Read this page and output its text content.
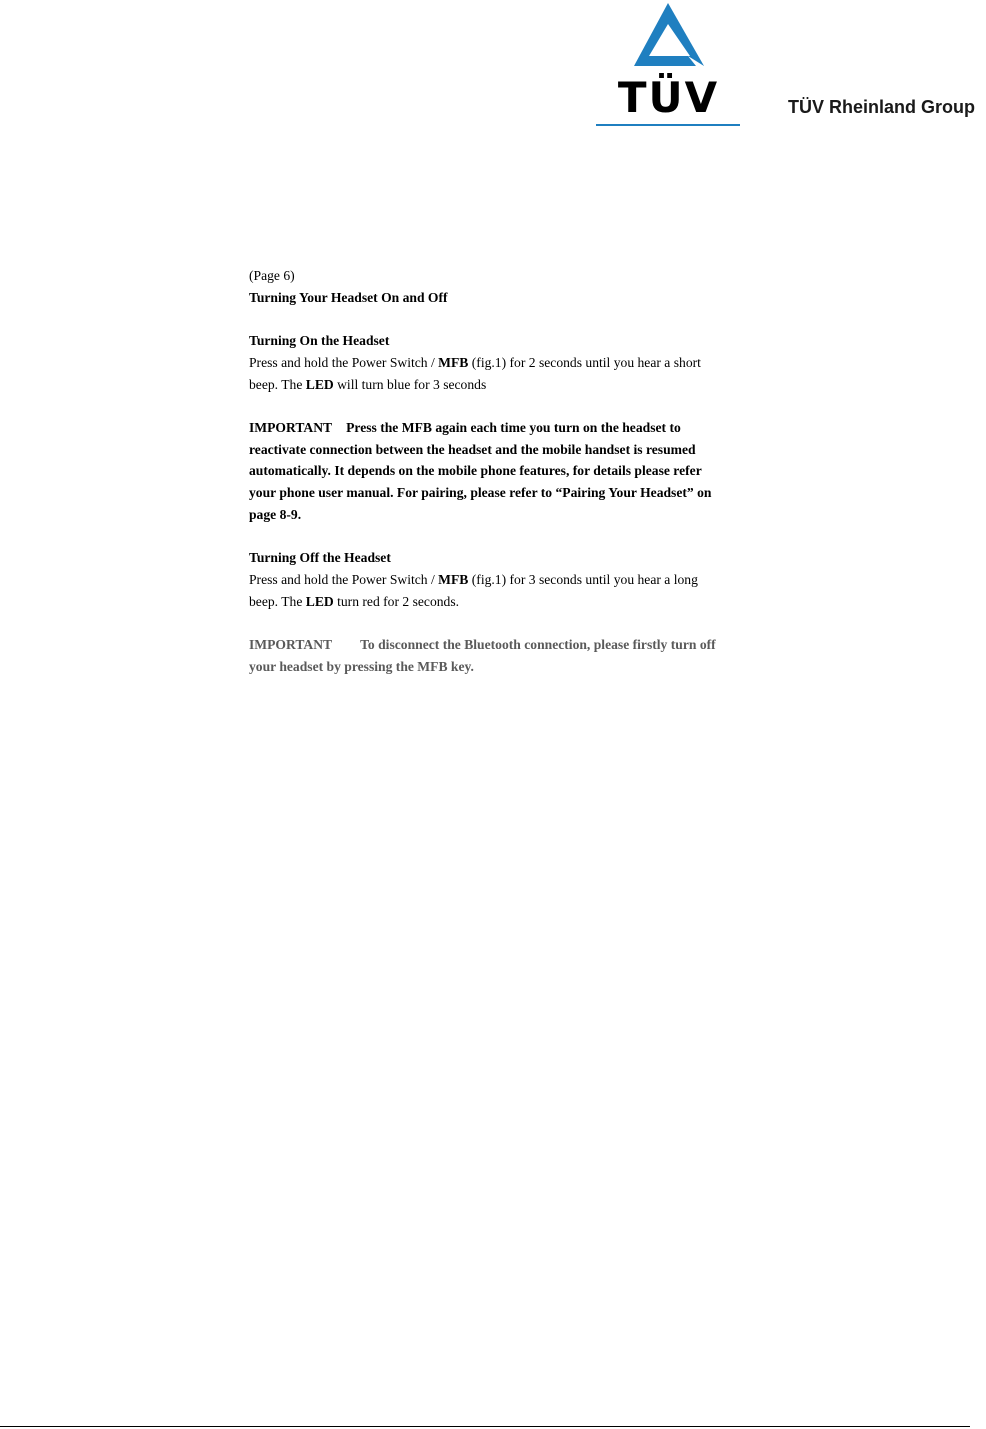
TÜV	TÜV Rheinland Group

(Page 6)

Turning Your Headset On and Off

Turning On the Headset

Press and hold the Power Switch / MFB (fig.1) for 2 seconds until you hear a short

beep. The LED will turn blue for 3 seconds

IMPORTANT Press the MFB again each time you turn on the headset to

reactivate connection between the headset and the mobile handset is resumed

automatically. It depends on the mobile phone features, for details please refer

your phone user manual. For pairing, please refer to “Pairing Your Headset” on

page 8-9.

Turning Off the Headset

Press and hold the Power Switch / MFB (fig.1) for 3 seconds until you hear a long

beep. The LED turn red for 2 seconds.

IMPORTANT To disconnect the Bluetooth connection, please firstly turn off

your headset by pressing the MFB key.
